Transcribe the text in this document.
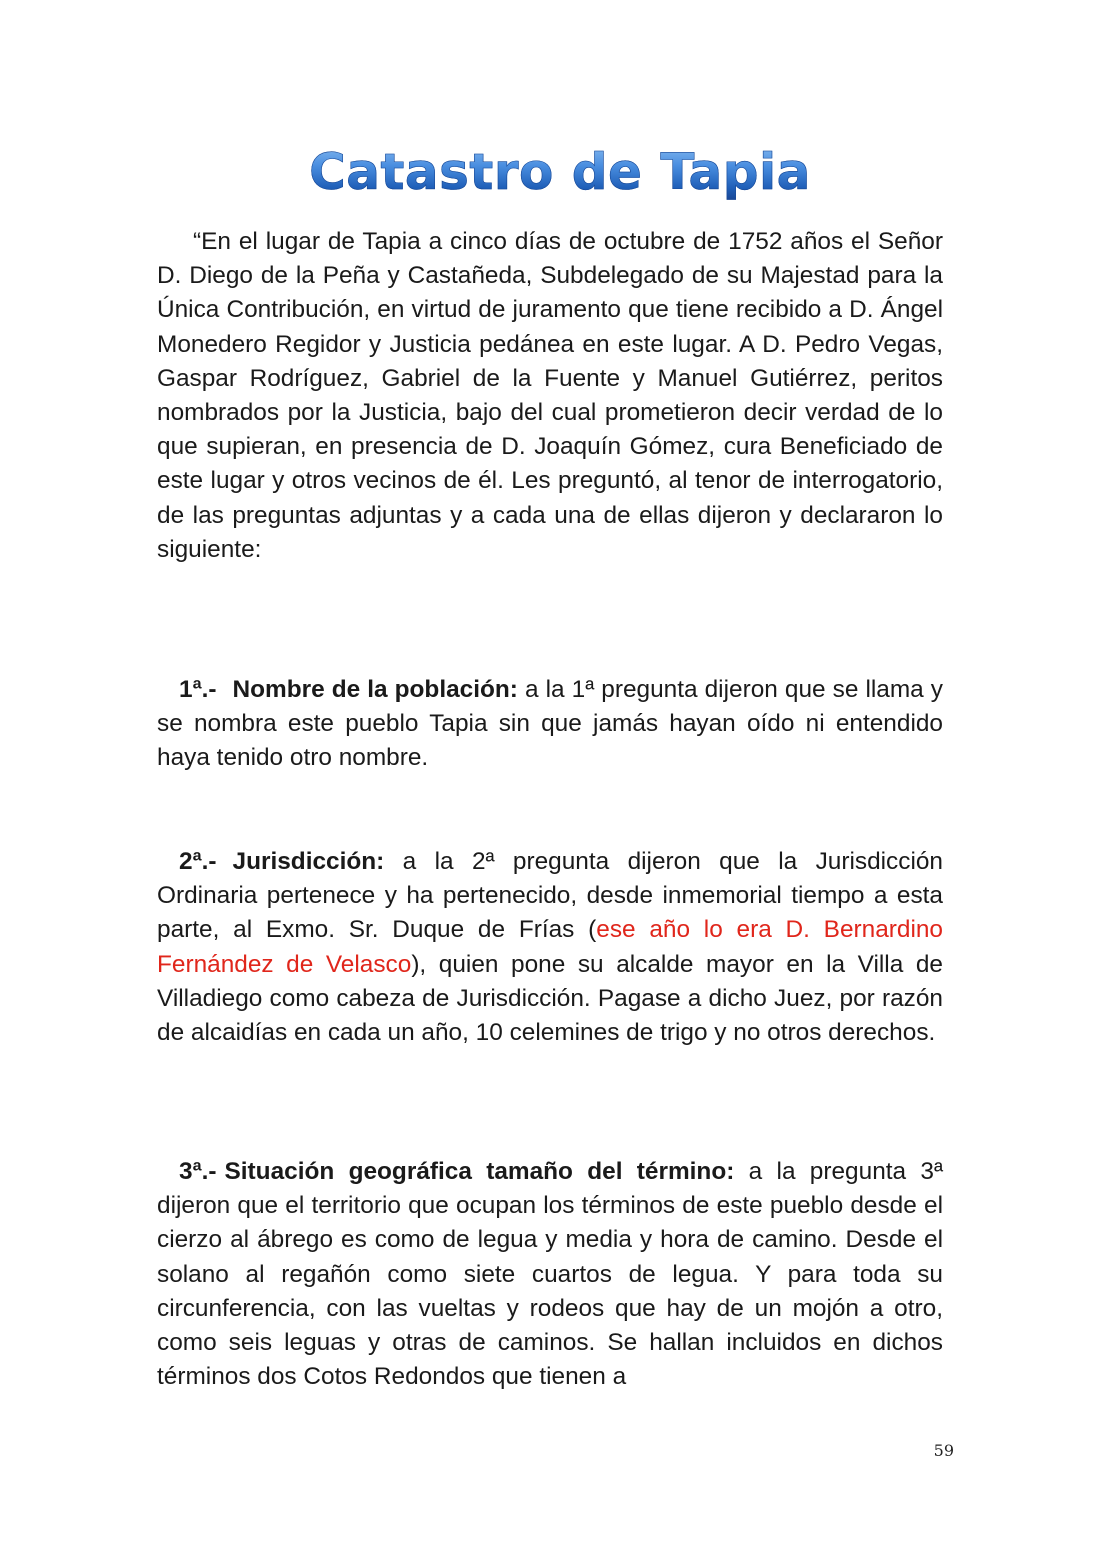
Catastro de Tapia

“En el lugar de Tapia a cinco días de octubre de 1752 años el Señor D. Diego de la Peña y Castañeda, Subdelegado de su Majestad para la Única Contribución, en virtud de juramento que tiene recibido a D. Ángel Monedero Regidor y Justicia pedánea en este lugar. A D. Pedro Vegas, Gaspar Rodríguez, Gabriel de la Fuente y Manuel Gutiérrez, peritos nombrados por la Justicia, bajo del cual prometieron decir verdad de lo que supieran, en presencia de D. Joaquín Gómez, cura Beneficiado de este lugar y otros vecinos de él. Les preguntó, al tenor de interrogatorio, de las preguntas adjuntas y a cada una de ellas dijeron y declararon lo siguiente:

1ª.- Nombre de la población: a la 1ª pregunta dijeron que se llama y se nombra este pueblo Tapia sin que jamás hayan oído ni entendido haya tenido otro nombre.

2ª.- Jurisdicción: a la 2ª pregunta dijeron que la Jurisdicción Ordinaria pertenece y ha pertenecido, desde inmemorial tiempo a esta parte, al Exmo. Sr. Duque de Frías (ese año lo era D. Bernardino Fernández de Velasco), quien pone su alcalde mayor en la Villa de Villadiego como cabeza de Jurisdicción. Pagase a dicho Juez, por razón de alcaidías en cada un año, 10 celemines de trigo y no otros derechos.

3ª.- Situación geográfica tamaño del término: a la pregunta 3ª dijeron que el territorio que ocupan los términos de este pueblo desde el cierzo al ábrego es como de legua y media y hora de camino. Desde el solano al regañón como siete cuartos de legua. Y para toda su circunferencia, con las vueltas y rodeos que hay de un mojón a otro, como seis leguas y otras de caminos. Se hallan incluidos en dichos términos dos Cotos Redondos que tienen a

59
